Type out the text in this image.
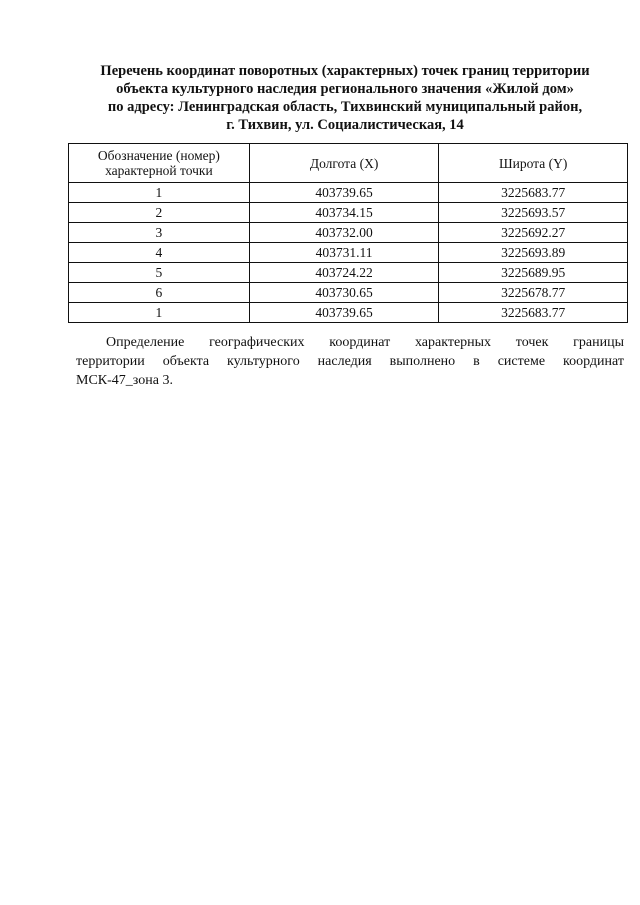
Перечень координат поворотных (характерных) точек границ территории
объекта культурного наследия регионального значения «Жилой дом»
по адресу: Ленинградская область, Тихвинский муниципальный район,
г. Тихвин, ул. Социалистическая, 14
Обозначение (номер)
характерной точки	Долгота (X)	Широта (Y)
1	403739.65	3225683.77
2	403734.15	3225693.57
3	403732.00	3225692.27
4	403731.11	3225693.89
5	403724.22	3225689.95
6	403730.65	3225678.77
1	403739.65	3225683.77
Определение географических координат характерных точек границы
территории объекта культурного наследия выполнено в системе координат
МСК-47_зона 3.
